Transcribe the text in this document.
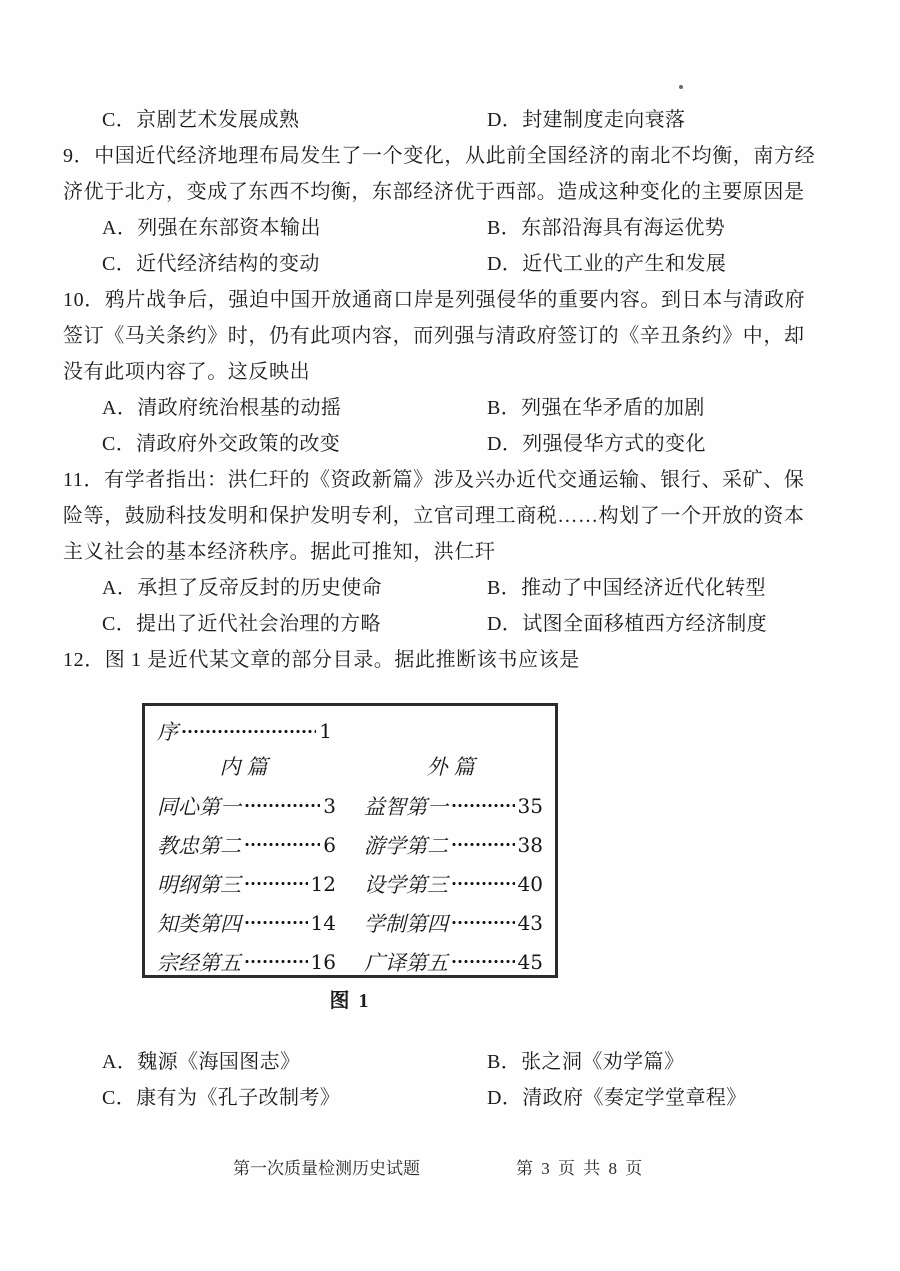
C．京剧艺术发展成熟	D．封建制度走向衰落
9．中国近代经济地理布局发生了一个变化，从此前全国经济的南北不均衡，南方经
济优于北方，变成了东西不均衡，东部经济优于西部。造成这种变化的主要原因是
A．列强在东部资本输出	B．东部沿海具有海运优势
C．近代经济结构的变动	D．近代工业的产生和发展
10．鸦片战争后，强迫中国开放通商口岸是列强侵华的重要内容。到日本与清政府
签订《马关条约》时，仍有此项内容，而列强与清政府签订的《辛丑条约》中，却
没有此项内容了。这反映出
A．清政府统治根基的动摇	B．列强在华矛盾的加剧
C．清政府外交政策的改变	D．列强侵华方式的变化
11．有学者指出：洪仁玕的《资政新篇》涉及兴办近代交通运输、银行、采矿、保
险等，鼓励科技发明和保护发明专利，立官司理工商税……构划了一个开放的资本
主义社会的基本经济秩序。据此可推知，洪仁玕
A．承担了反帝反封的历史使命	B．推动了中国经济近代化转型
C．提出了近代社会治理的方略	D．试图全面移植西方经济制度
12．图 1 是近代某文章的部分目录。据此推断该书应该是
序	1
内篇
同心第一	3
教忠第二	6
明纲第三	12
知类第四	14
宗经第五	16
外篇
益智第一	35
游学第二	38
设学第三	40
学制第四	43
广译第五	45
图 1
A．魏源《海国图志》	B．张之洞《劝学篇》
C．康有为《孔子改制考》	D．清政府《奏定学堂章程》
第一次质量检测历史试题	第 3 页 共 8 页
